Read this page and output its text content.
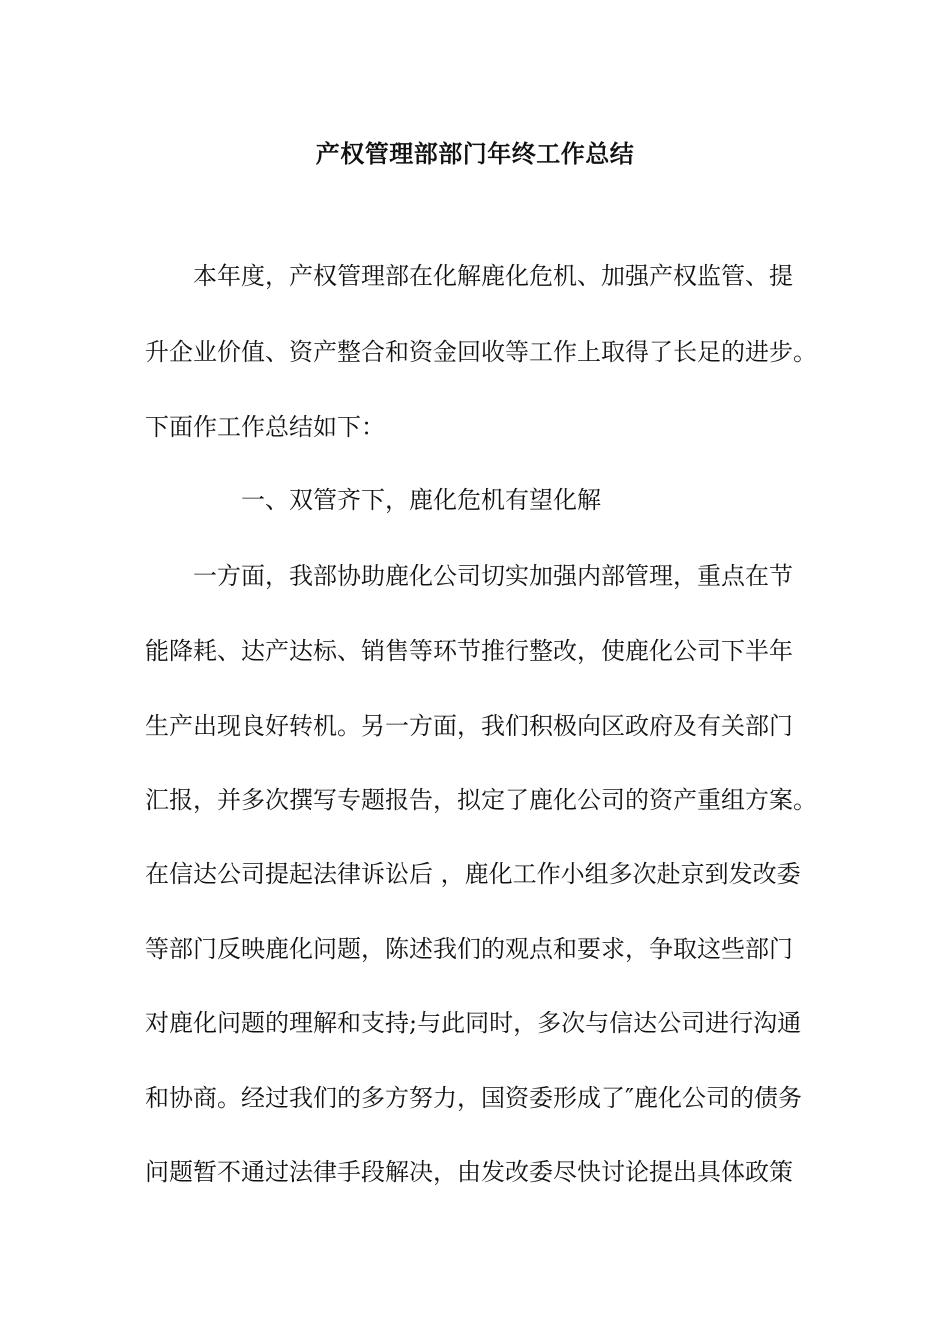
产权管理部部门年终工作总结
本年度，产权管理部在化解鹿化危机、加强产权监管、提
升企业价值、资产整合和资金回收等工作上取得了长足的进步。
下面作工作总结如下：
一、双管齐下，鹿化危机有望化解
一方面，我部协助鹿化公司切实加强内部管理，重点在节
能降耗、达产达标、销售等环节推行整改，使鹿化公司下半年
生产出现良好转机。另一方面，我们积极向区政府及有关部门
汇报，并多次撰写专题报告，拟定了鹿化公司的资产重组方案。
在信达公司提起法律诉讼后 ，鹿化工作小组多次赴京到发改委
等部门反映鹿化问题，陈述我们的观点和要求，争取这些部门
对鹿化问题的理解和支持;与此同时，多次与信达公司进行沟通
和协商。经过我们的多方努力，国资委形成了″鹿化公司的债务
问题暂不通过法律手段解决，由发改委尽快讨论提出具体政策
